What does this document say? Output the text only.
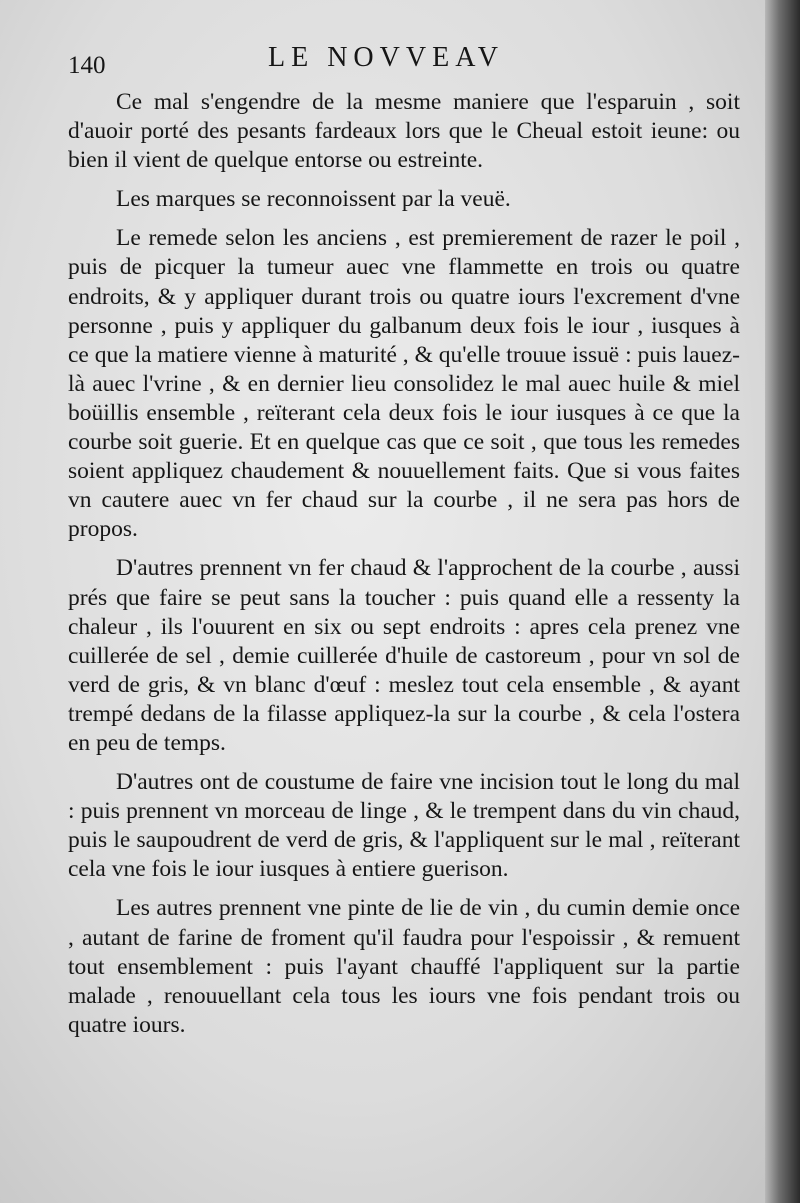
140	LE NOVVEAV

Ce mal s'engendre de la mesme maniere que l'esparuin , soit d'auoir porté des pesants fardeaux lors que le Cheual estoit ieune: ou bien il vient de quelque entorse ou estreinte.

Les marques se reconnoissent par la veuë.

Le remede selon les anciens , est premierement de razer le poil , puis de picquer la tumeur auec vne flammette en trois ou quatre endroits, & y appliquer durant trois ou quatre iours l'excrement d'vne personne , puis y appliquer du galbanum deux fois le iour , iusques à ce que la matiere vienne à maturité , & qu'elle trouue issuë : puis lauez-là auec l'vrine , & en dernier lieu consolidez le mal auec huile & miel boüillis ensemble , reïterant cela deux fois le iour iusques à ce que la courbe soit guerie. Et en quelque cas que ce soit , que tous les remedes soient appliquez chaudement & nouuellement faits. Que si vous faites vn cautere auec vn fer chaud sur la courbe , il ne sera pas hors de propos.

D'autres prennent vn fer chaud & l'approchent de la courbe , aussi prés que faire se peut sans la toucher : puis quand elle a ressenty la chaleur , ils l'ouurent en six ou sept endroits : apres cela prenez vne cuillerée de sel , demie cuillerée d'huile de castoreum , pour vn sol de verd de gris, & vn blanc d'œuf : meslez tout cela ensemble , & ayant trempé dedans de la filasse appliquez-la sur la courbe , & cela l'ostera en peu de temps.

D'autres ont de coustume de faire vne incision tout le long du mal : puis prennent vn morceau de linge , & le trempent dans du vin chaud, puis le saupoudrent de verd de gris, & l'appliquent sur le mal , reïterant cela vne fois le iour iusques à entiere guerison.

Les autres prennent vne pinte de lie de vin , du cumin demie once , autant de farine de froment qu'il faudra pour l'espoissir , & remuent tout ensemblement : puis l'ayant chauffé l'appliquent sur la partie malade , renouuellant cela tous les iours vne fois pendant trois ou quatre iours.
